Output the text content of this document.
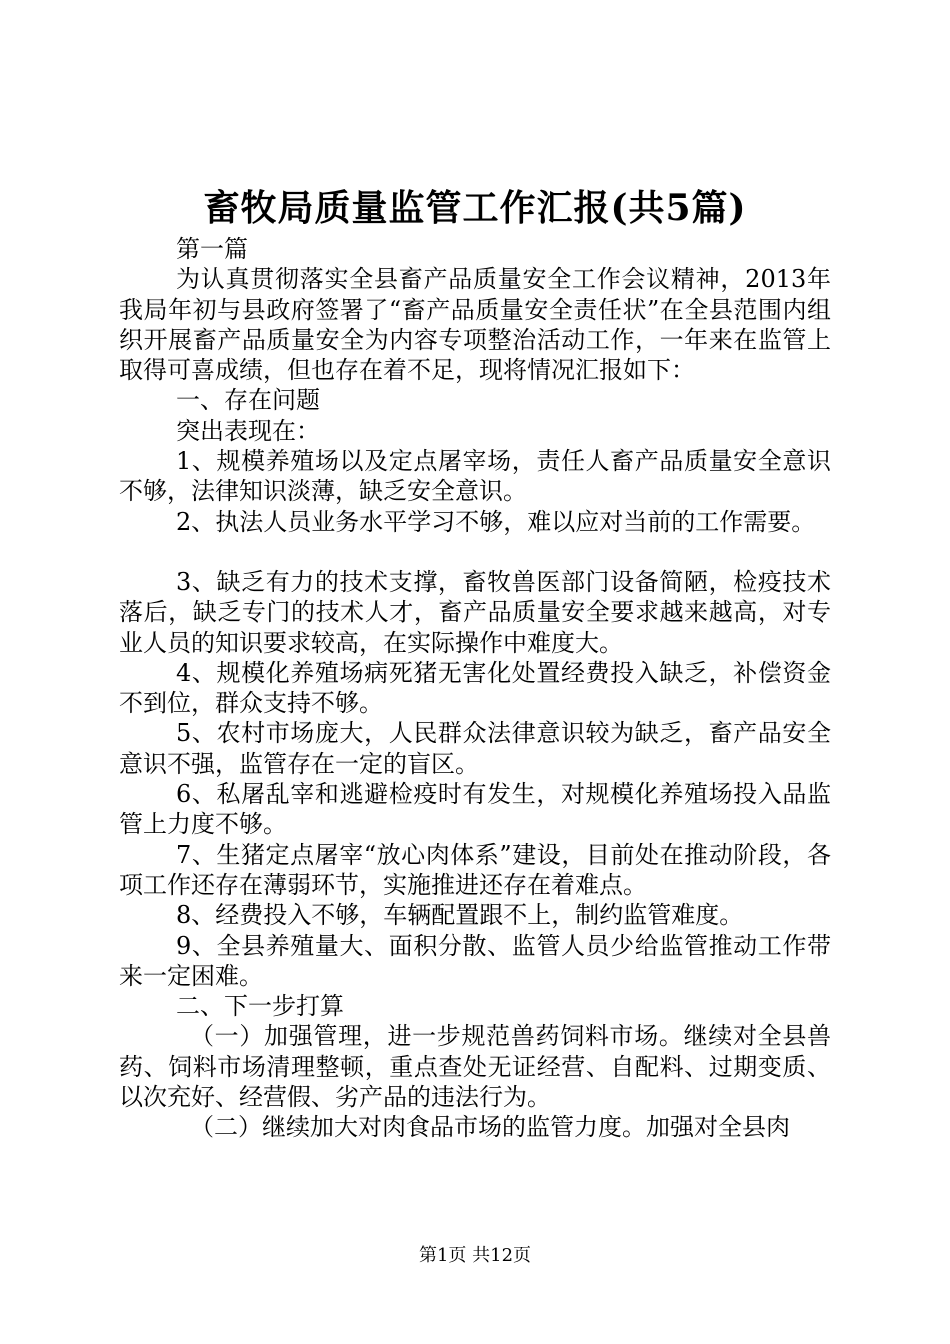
畜牧局质量监管工作汇报(共5篇)

第一篇

为认真贯彻落实全县畜产品质量安全工作会议精神，2013年我局年初与县政府签署了“畜产品质量安全责任状”在全县范围内组织开展畜产品质量安全为内容专项整治活动工作，一年来在监管上取得可喜成绩，但也存在着不足，现将情况汇报如下：

一、存在问题

突出表现在：

1、规模养殖场以及定点屠宰场，责任人畜产品质量安全意识不够，法律知识淡薄，缺乏安全意识。

2、执法人员业务水平学习不够，难以应对当前的工作需要。

3、缺乏有力的技术支撑，畜牧兽医部门设备简陋，检疫技术落后，缺乏专门的技术人才，畜产品质量安全要求越来越高，对专业人员的知识要求较高，在实际操作中难度大。

4、规模化养殖场病死猪无害化处置经费投入缺乏，补偿资金不到位，群众支持不够。

5、农村市场庞大，人民群众法律意识较为缺乏，畜产品安全意识不强，监管存在一定的盲区。

6、私屠乱宰和逃避检疫时有发生，对规模化养殖场投入品监管上力度不够。

7、生猪定点屠宰“放心肉体系”建设，目前处在推动阶段，各项工作还存在薄弱环节，实施推进还存在着难点。

8、经费投入不够，车辆配置跟不上，制约监管难度。

9、全县养殖量大、面积分散、监管人员少给监管推动工作带来一定困难。

二、下一步打算

（一）加强管理，进一步规范兽药饲料市场。继续对全县兽药、饲料市场清理整顿，重点查处无证经营、自配料、过期变质、以次充好、经营假、劣产品的违法行为。

（二）继续加大对肉食品市场的监管力度。加强对全县肉

第1页 共12页
